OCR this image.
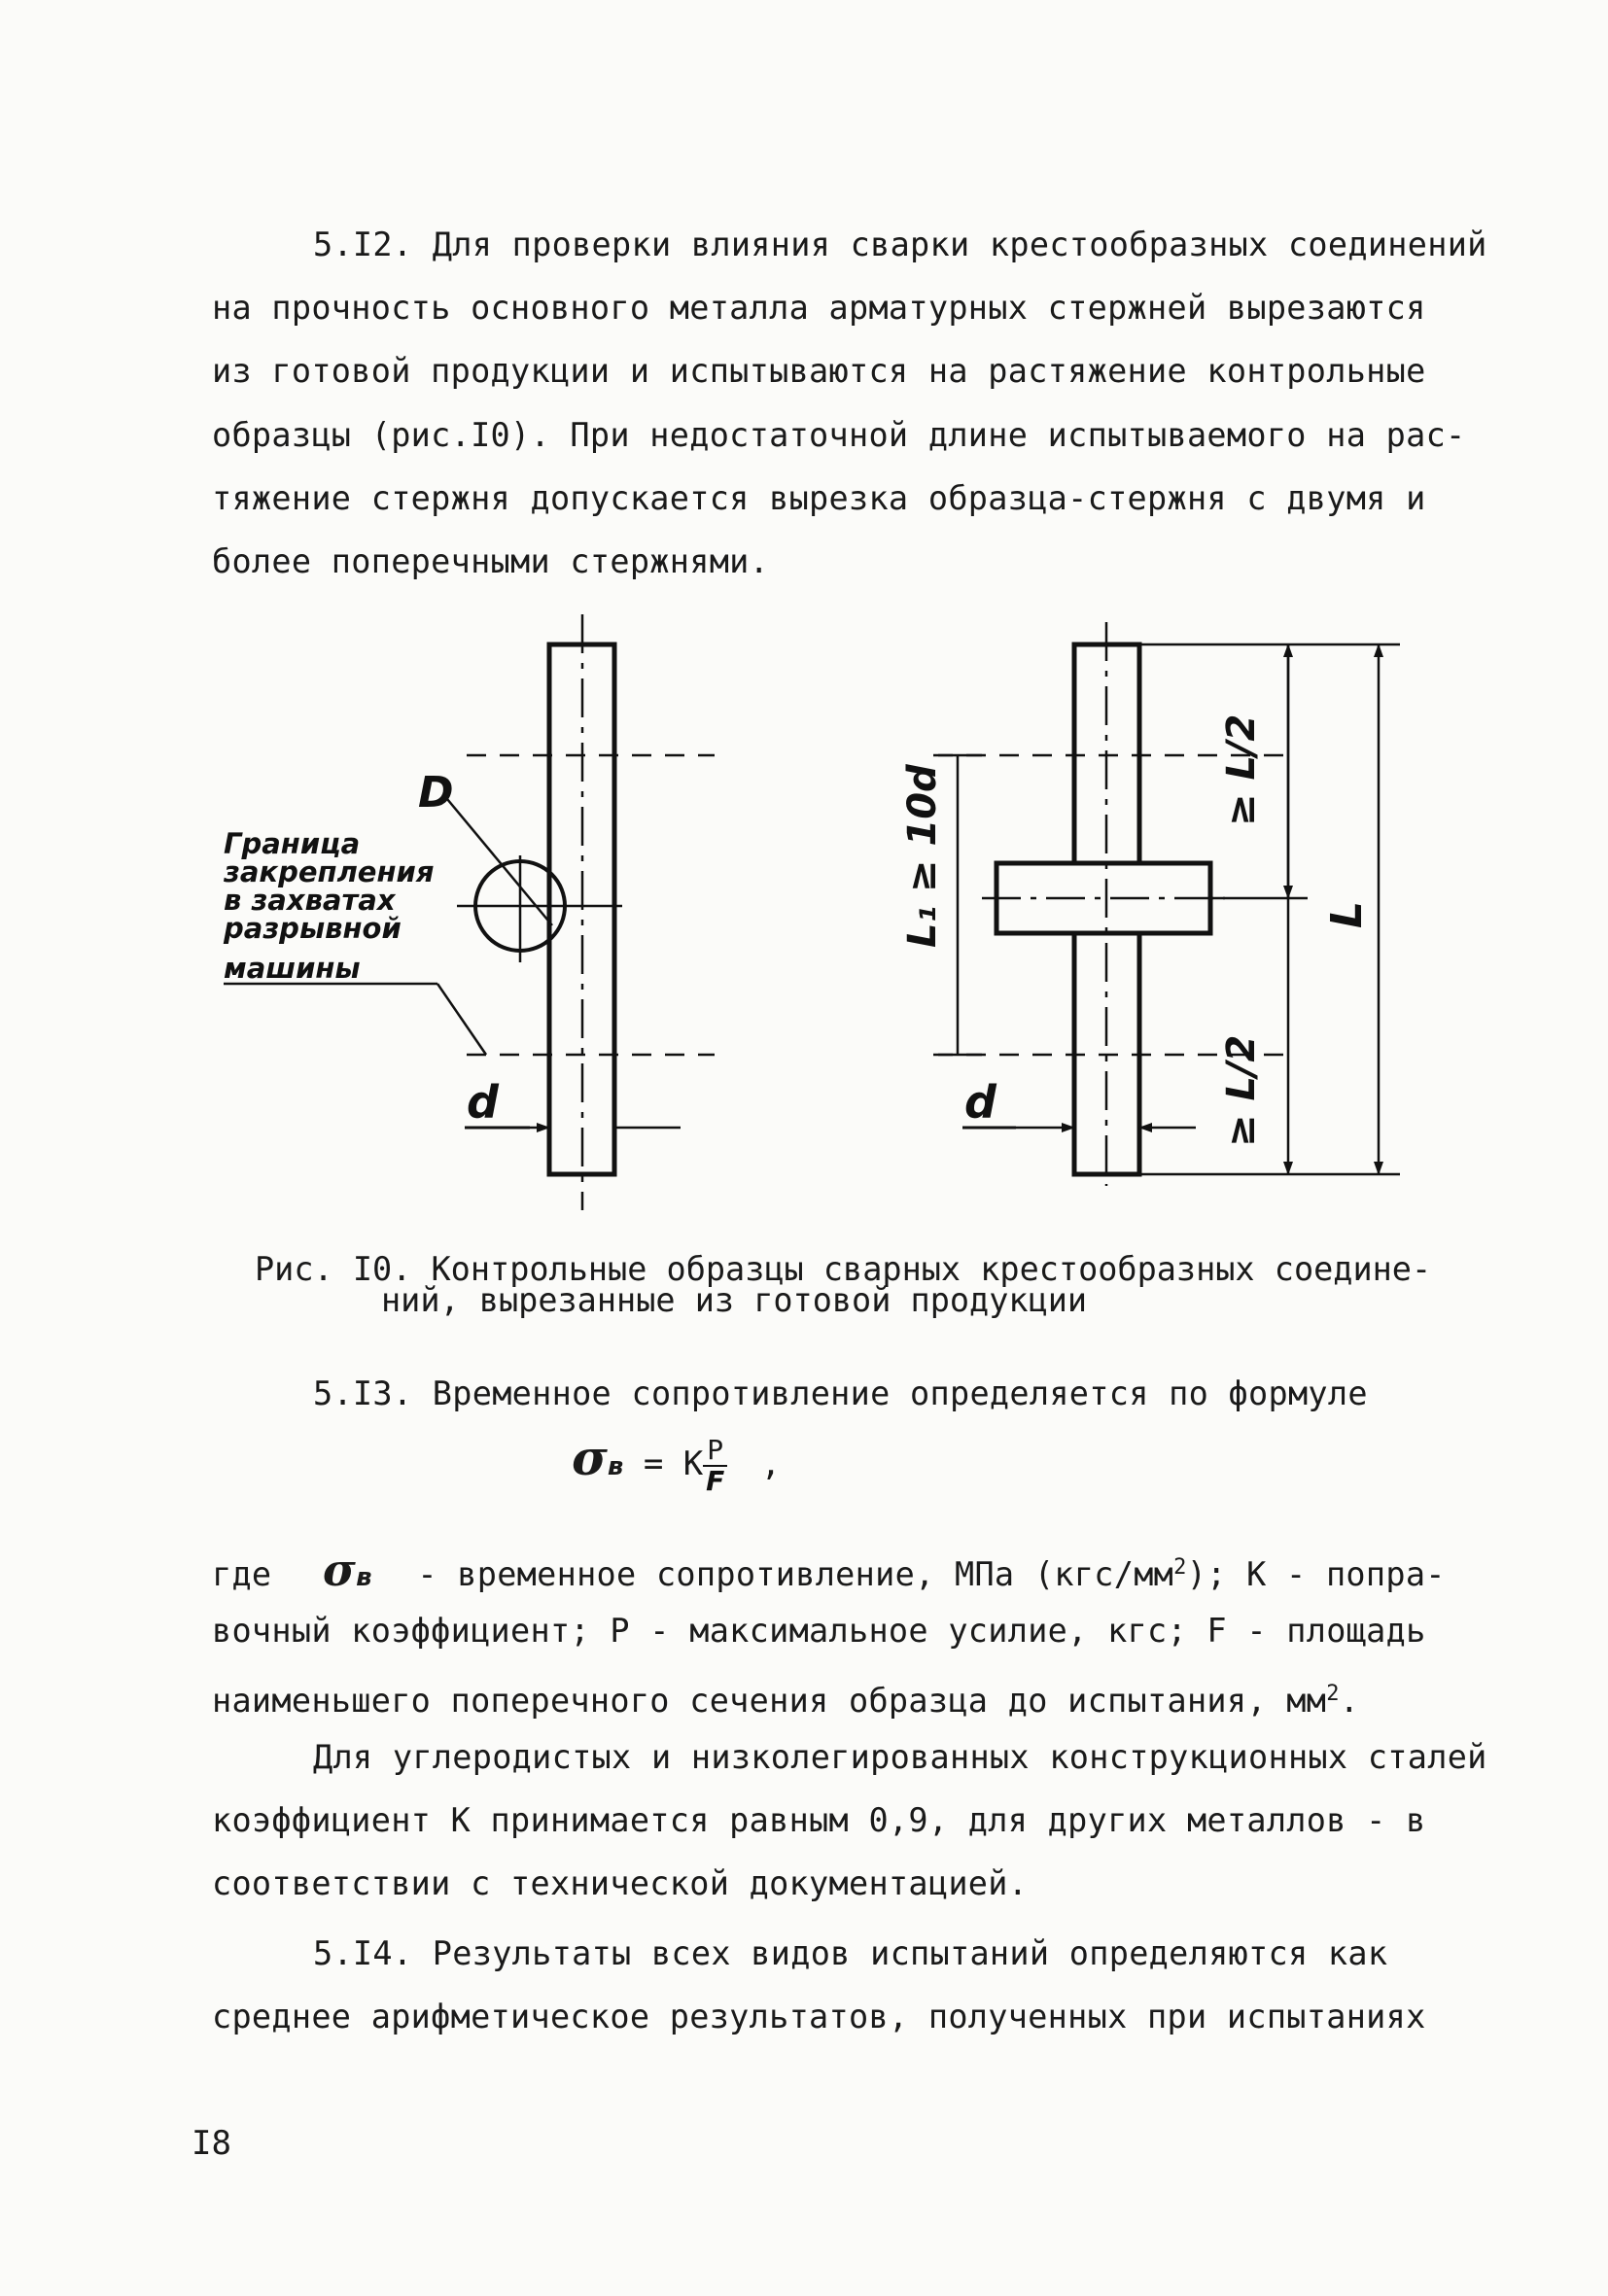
5.I2. Для проверки влияния сварки крестообразных соединений
на прочность основного металла арматурных стержней вырезаются
из готовой продукции и испытываются на растяжение контрольные
образцы (рис.I0). При недостаточной длине испытываемого на рас-
тяжение стержня допускается вырезка образца-стержня с двумя и
более поперечными стержнями.
D
Граница
закрепления
в захватах
разрывной
машины
d
L₁ ≥ 10d	≥ L/2
≥ L/2
L
d
Рис. I0. Контрольные образцы сварных крестообразных соедине-
ний, вырезанные из готовой продукции
5.I3. Временное сопротивление определяется по формуле
σв = K $\frac{P}{F}$ ,
где σв - временное сопротивление, МПа $(кгс/мм^2)$; К - попра-
вочный коэффициент; Р - максимальное усилие, кгс; F - площадь
наименьшего поперечного сечения образца до испытания, $мм^2$.
Для углеродистых и низколегированных конструкционных сталей
коэффициент К принимается равным 0,9, для других металлов - в
соответствии с технической документацией.
5.I4. Результаты всех видов испытаний определяются как
среднее арифметическое результатов, полученных при испытаниях
I8
